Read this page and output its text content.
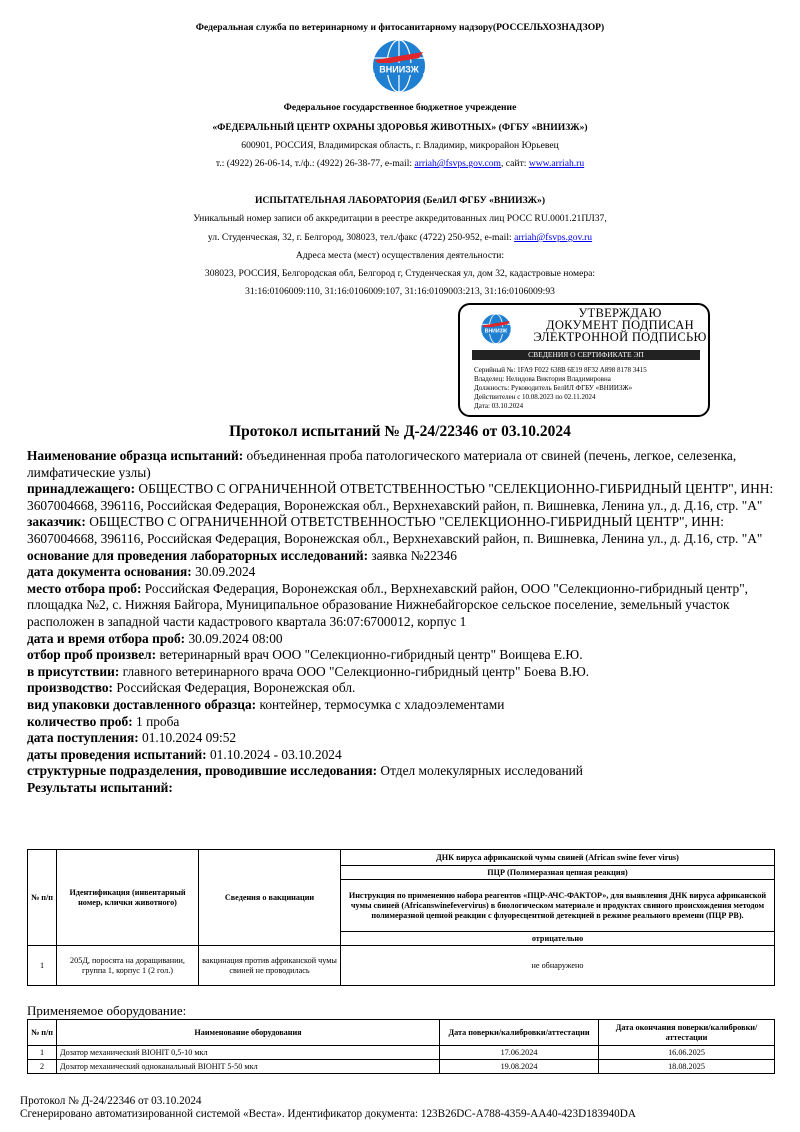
Федеральная служба по ветеринарному и фитосанитарному надзору(РОССЕЛЬХОЗНАДЗОР)
ВНИИЗЖ
Федеральное государственное бюджетное учреждение
«ФЕДЕРАЛЬНЫЙ ЦЕНТР ОХРАНЫ ЗДОРОВЬЯ ЖИВОТНЫХ» (ФГБУ «ВНИИЗЖ»)
600901, РОССИЯ, Владимирская область, г. Владимир, микрорайон Юрьевец
т.: (4922) 26-06-14, т./ф.: (4922) 26-38-77, e-mail: arriah@fsvps.gov.com, сайт: www.arriah.ru
ИСПЫТАТЕЛЬНАЯ ЛАБОРАТОРИЯ (БелИЛ ФГБУ «ВНИИЗЖ»)
Уникальный номер записи об аккредитации в реестре аккредитованных лиц РОСС RU.0001.21ПЛ37,
ул. Студенческая, 32, г. Белгород, 308023, тел./факс (4722) 250-952, e-mail: arriah@fsvps.gov.ru
Адреса места (мест) осуществления деятельности:
308023, РОССИЯ, Белгородская обл, Белгород г, Студенческая ул, дом 32, кадастровые номера:
31:16:0106009:110, 31:16:0106009:107, 31:16:0109003:213, 31:16:0106009:93
ВНИИЗЖ
УТВЕРЖДАЮ
ДОКУМЕНТ ПОДПИСАН
ЭЛЕКТРОННОЙ ПОДПИСЬЮ
СВЕДЕНИЯ О СЕРТИФИКАТЕ ЭП
Серийный №: 1FA9 F022 638B 6E19 8F32 A898 8178 3415
Владелец: Нелидова Виктория Владимировна
Должность: Руководитель БелИЛ ФГБУ «ВНИИЗЖ»
Действителен с 10.08.2023 по 02.11.2024
Дата: 03.10.2024
Протокол испытаний № Д-24/22346 от 03.10.2024

Наименование образца испытаний: объединенная проба патологического материала от свиней (печень, легкое, селезенка, лимфатические узлы)

принадлежащего: ОБЩЕСТВО С ОГРАНИЧЕННОЙ ОТВЕТСТВЕННОСТЬЮ "СЕЛЕКЦИОННО-ГИБРИДНЫЙ ЦЕНТР", ИНН: 3607004668, 396116, Российская Федерация, Воронежская обл., Верхнехавский район, п. Вишневка, Ленина ул., д. Д.16, стр. "А"

заказчик: ОБЩЕСТВО С ОГРАНИЧЕННОЙ ОТВЕТСТВЕННОСТЬЮ "СЕЛЕКЦИОННО-ГИБРИДНЫЙ ЦЕНТР", ИНН: 3607004668, 396116, Российская Федерация, Воронежская обл., Верхнехавский район, п. Вишневка, Ленина ул., д. Д.16, стр. "А"

основание для проведения лабораторных исследований: заявка №22346

дата документа основания: 30.09.2024

место отбора проб: Российская Федерация, Воронежская обл., Верхнехавский район, ООО "Селекционно-гибридный центр", площадка №2, с. Нижняя Байгора, Муниципальное образование Нижнебайгорское сельское поселение, земельный участок расположен в западной части кадастрового квартала 36:07:6700012, корпус 1

дата и время отбора проб: 30.09.2024 08:00

отбор проб произвел: ветеринарный врач ООО "Селекционно-гибридный центр" Воищева Е.Ю.

в присутствии: главного ветеринарного врача ООО "Селекционно-гибридный центр" Боева В.Ю.

производство: Российская Федерация, Воронежская обл.

вид упаковки доставленного образца: контейнер, термосумка с хладоэлементами

количество проб: 1 проба

дата поступления: 01.10.2024 09:52

даты проведения испытаний: 01.10.2024 - 03.10.2024

структурные подразделения, проводившие исследования: Отдел молекулярных исследований

Результаты испытаний:

№ п/п	Идентификация (инвентарный номер, клички животного)	Сведения о вакцинации	ДНК вируса африканской чумы свиней (African swine fever virus)
			ПЦР (Полимеразная цепная реакция)
			Инструкция по применению набора реагентов «ПЦР-АЧС-ФАКТОР», для выявления ДНК вируса африканской чумы свиней (Africanswinefevervirus) в биологическом материале и продуктах свиного происхождения методом полимеразной цепной реакции с флуоресцентной детекцией в режиме реального времени (ПЦР РВ).
			отрицательно
1	205Д, поросята на доращивании, группа 1, корпус 1 (2 гол.)	вакцинация против африканской чумы свиней не проводилась	не обнаружено
Применяемое оборудование:
№ п/п	Наименование оборудования	Дата поверки/калибровки/аттестации	Дата окончания поверки/калибровки/аттестации
1	Дозатор механический BIOHIT 0,5-10 мкл	17.06.2024	16.06.2025
2	Дозатор механический одноканальный BIOHIT 5-50 мкл	19.08.2024	18.08.2025
Протокол № Д-24/22346 от 03.10.2024
Сгенерировано автоматизированной системой «Веста». Идентификатор документа: 123B26DC-A788-4359-AA40-423D183940DA
